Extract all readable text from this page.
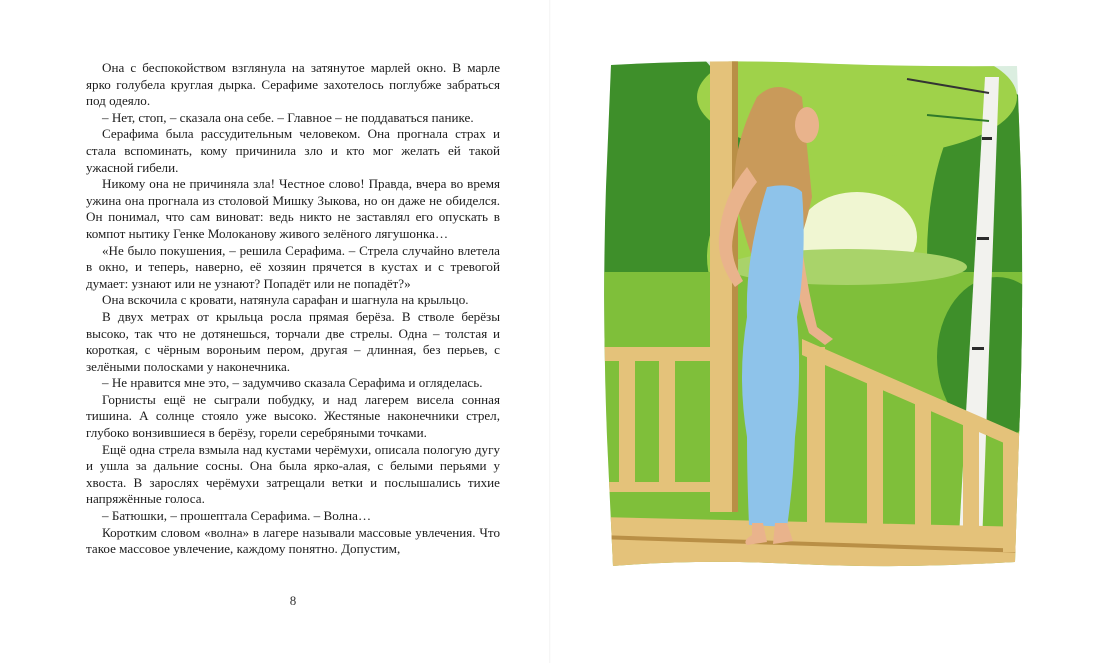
Она с беспокойством взглянула на затянутое марлей окно. В марле ярко голубела круглая дырка. Серафиме захотелось поглубже забраться под одеяло.

– Нет, стоп, – сказала она себе. – Главное – не поддаваться панике.

Серафима была рассудительным человеком. Она прогнала страх и стала вспоминать, кому причинила зло и кто мог желать ей такой ужасной гибели.

Никому она не причиняла зла! Честное слово! Правда, вчера во время ужина она прогнала из столовой Мишку Зыкова, но он даже не обиделся. Он понимал, что сам виноват: ведь никто не заставлял его опускать в компот нытику Генке Молоканову живого зелёного лягушонка…

«Не было покушения, – решила Серафима. – Стрела случайно влетела в окно, и теперь, наверно, её хозяин прячется в кустах и с тревогой думает: узнают или не узнают? Попадёт или не попадёт?»

Она вскочила с кровати, натянула сарафан и шагнула на крыльцо.

В двух метрах от крыльца росла прямая берёза. В стволе берёзы высоко, так что не дотянешься, торчали две стрелы. Одна – толстая и короткая, с чёрным вороньим пером, другая – длинная, без перьев, с зелёными полосками у наконечника.

– Не нравится мне это, – задумчиво сказала Серафима и огляделась.

Горнисты ещё не сыграли побудку, и над лагерем висела сонная тишина. А солнце стояло уже высоко. Жестяные наконечники стрел, глубоко вонзившиеся в берёзу, горели серебряными точками.

Ещё одна стрела взмыла над кустами черёмухи, описала пологую дугу и ушла за дальние сосны. Она была ярко-алая, с белыми перьями у хвоста. В зарослях черёмухи затрещали ветки и послышались тихие напряжённые голоса.

– Батюшки, – прошептала Серафима. – Волна…

Коротким словом «волна» в лагере называли массовые увлечения. Что такое массовое увлечение, каждому понятно. Допустим,

8
